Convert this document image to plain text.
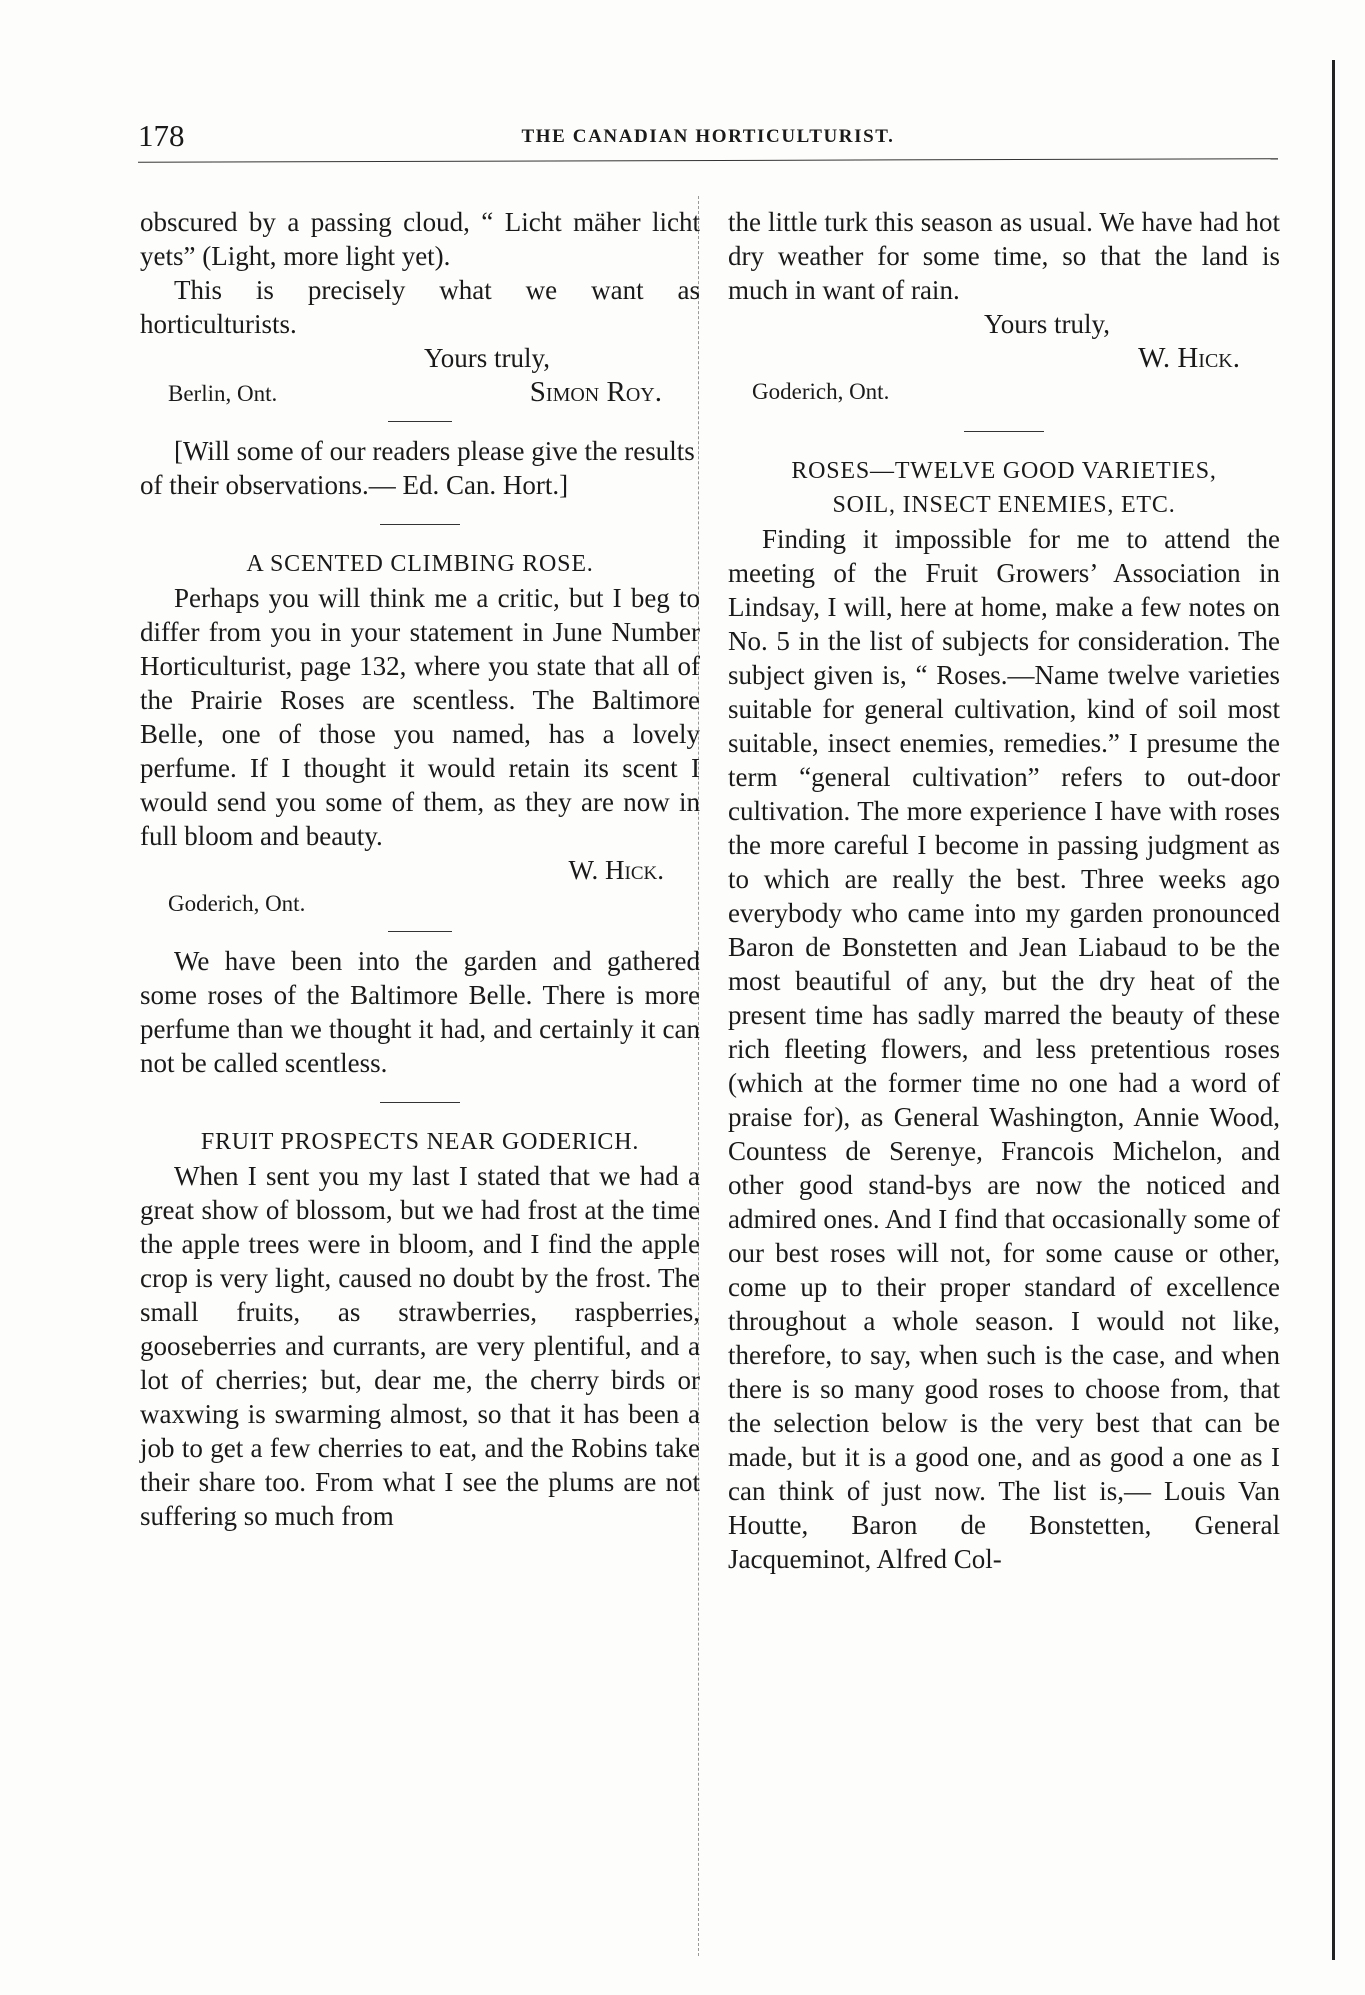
178	THE CANADIAN HORTICULTURIST.

obscured by a passing cloud, “ Licht mäher licht yets” (Light, more light yet).

This is precisely what we want as horticulturists.

Yours truly,

Berlin, Ont.	Simon Roy.

[Will some of our readers please give the results of their observations.— Ed. Can. Hort.]

A SCENTED CLIMBING ROSE.

Perhaps you will think me a critic, but I beg to differ from you in your statement in June Number Horticulturist, page 132, where you state that all of the Prairie Roses are scentless. The Baltimore Belle, one of those you named, has a lovely perfume. If I thought it would retain its scent I would send you some of them, as they are now in full bloom and beauty.

W. Hick.

Goderich, Ont.

We have been into the garden and gathered some roses of the Baltimore Belle. There is more perfume than we thought it had, and certainly it can not be called scentless.

FRUIT PROSPECTS NEAR GODERICH.

When I sent you my last I stated that we had a great show of blossom, but we had frost at the time the apple trees were in bloom, and I find the apple crop is very light, caused no doubt by the frost. The small fruits, as strawberries, raspberries, gooseberries and currants, are very plentiful, and a lot of cherries; but, dear me, the cherry birds or waxwing is swarming almost, so that it has been a job to get a few cherries to eat, and the Robins take their share too. From what I see the plums are not suffering so much from

the little turk this season as usual. We have had hot dry weather for some time, so that the land is much in want of rain.

Yours truly,

W. Hick.

Goderich, Ont.

ROSES—TWELVE GOOD VARIETIES,

SOIL, INSECT ENEMIES, ETC.

Finding it impossible for me to attend the meeting of the Fruit Growers’ Association in Lindsay, I will, here at home, make a few notes on No. 5 in the list of subjects for consideration. The subject given is, “ Roses.—Name twelve varieties suitable for general cultivation, kind of soil most suitable, insect enemies, remedies.” I presume the term “general cultivation” refers to out-door cultivation. The more experience I have with roses the more careful I become in passing judgment as to which are really the best. Three weeks ago everybody who came into my garden pronounced Baron de Bonstetten and Jean Liabaud to be the most beautiful of any, but the dry heat of the present time has sadly marred the beauty of these rich fleeting flowers, and less pretentious roses (which at the former time no one had a word of praise for), as General Washington, Annie Wood, Countess de Serenye, Francois Michelon, and other good stand-bys are now the noticed and admired ones. And I find that occasionally some of our best roses will not, for some cause or other, come up to their proper standard of excellence throughout a whole season. I would not like, therefore, to say, when such is the case, and when there is so many good roses to choose from, that the selection below is the very best that can be made, but it is a good one, and as good a one as I can think of just now. The list is,— Louis Van Houtte, Baron de Bonstetten, General Jacqueminot, Alfred Col-
